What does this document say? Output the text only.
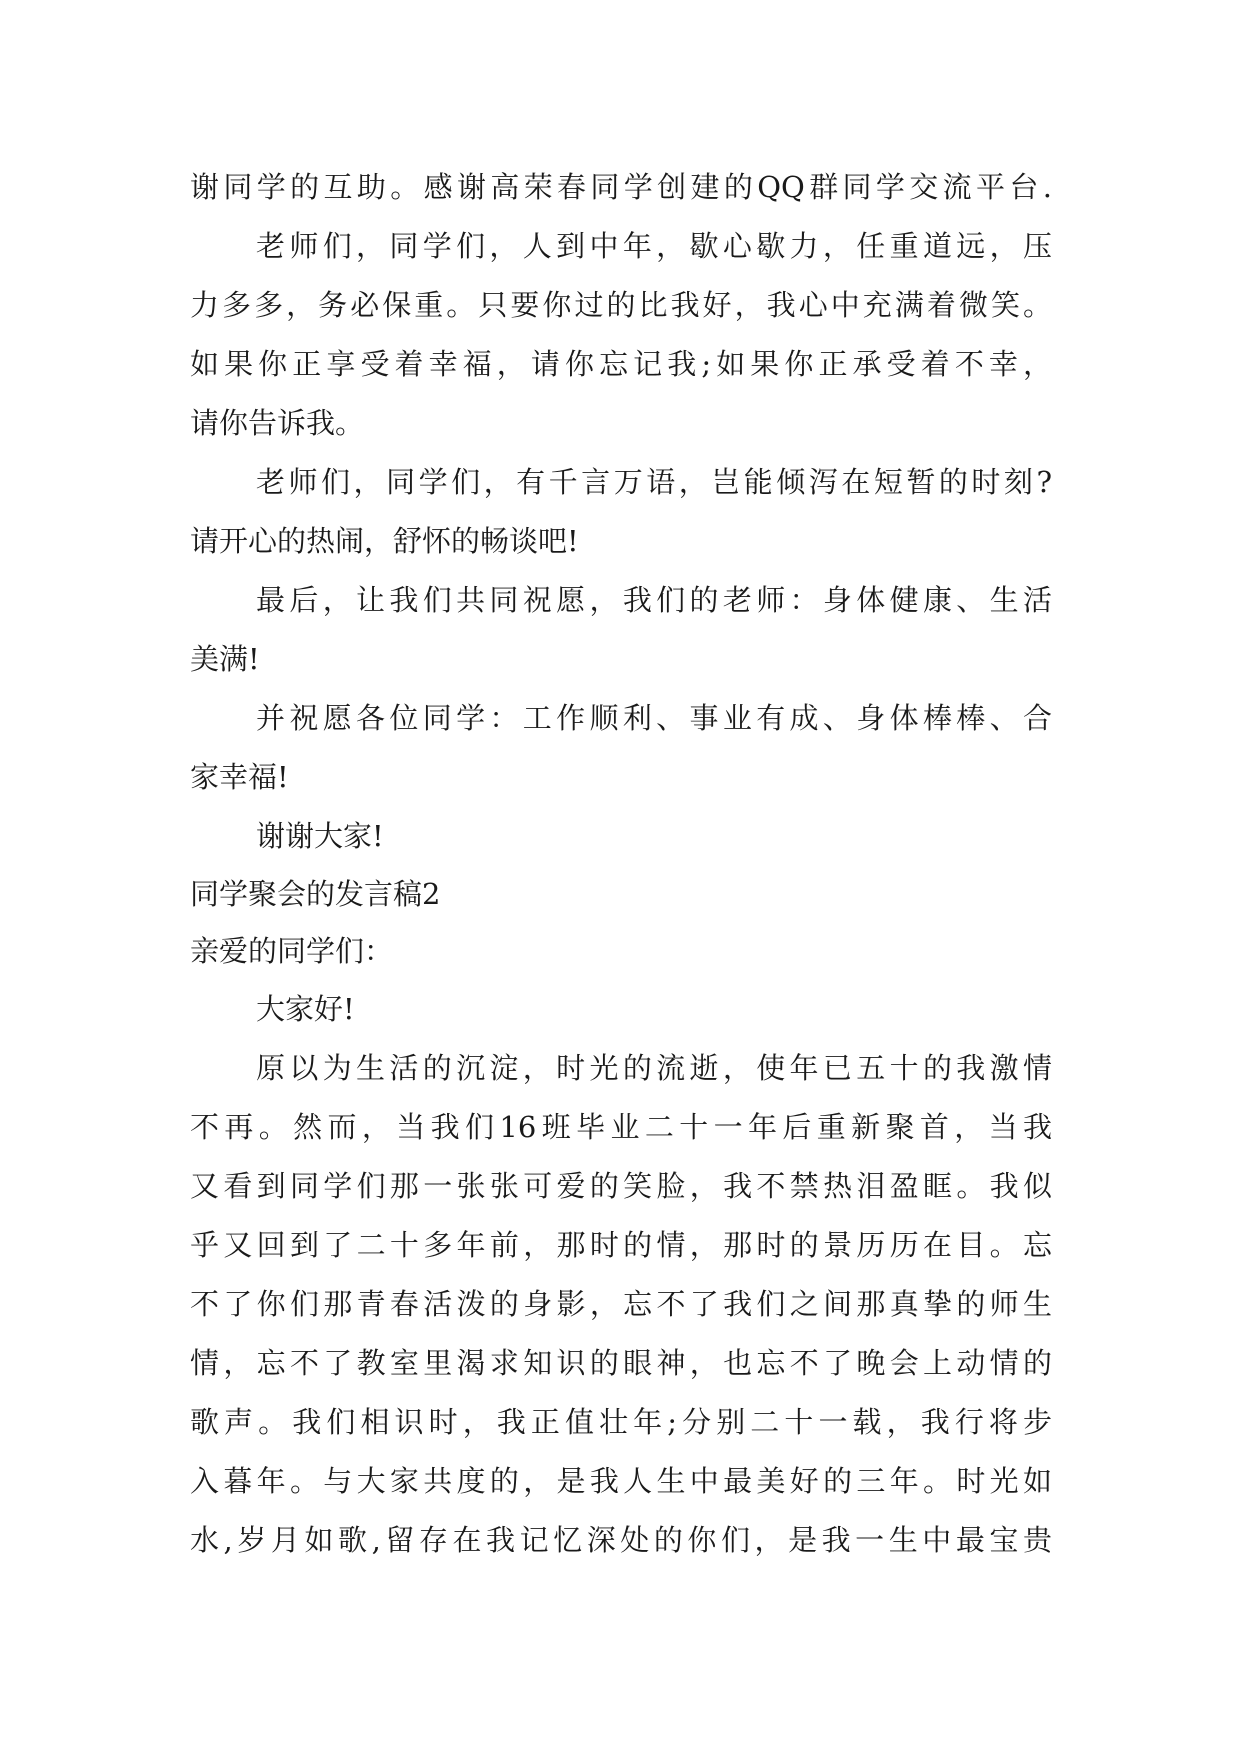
谢同学的互助。感谢高荣春同学创建的QQ群同学交流平台.
老师们，同学们，人到中年，歇心歇力，任重道远，压
力多多，务必保重。只要你过的比我好，我心中充满着微笑。
如果你正享受着幸福，请你忘记我;如果你正承受着不幸，
请你告诉我。
老师们，同学们，有千言万语，岂能倾泻在短暂的时刻?
请开心的热闹，舒怀的畅谈吧!
最后，让我们共同祝愿，我们的老师：身体健康、生活
美满!
并祝愿各位同学：工作顺利、事业有成、身体棒棒、合
家幸福!
谢谢大家!
同学聚会的发言稿2
亲爱的同学们：
大家好!
原以为生活的沉淀，时光的流逝，使年已五十的我激情
不再。然而，当我们16班毕业二十一年后重新聚首，当我
又看到同学们那一张张可爱的笑脸，我不禁热泪盈眶。我似
乎又回到了二十多年前，那时的情，那时的景历历在目。忘
不了你们那青春活泼的身影，忘不了我们之间那真挚的师生
情，忘不了教室里渴求知识的眼神，也忘不了晚会上动情的
歌声。我们相识时，我正值壮年;分别二十一载，我行将步
入暮年。与大家共度的，是我人生中最美好的三年。时光如
水,岁月如歌,留存在我记忆深处的你们，是我一生中最宝贵
